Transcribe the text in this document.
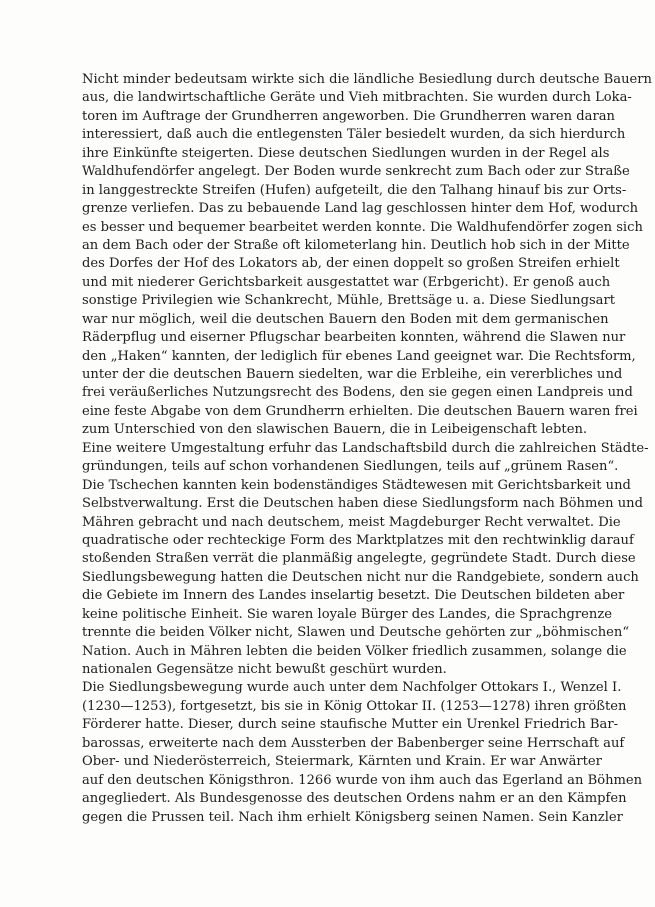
Nicht minder bedeutsam wirkte sich die ländliche Besiedlung durch deutsche Bauern
aus, die landwirtschaftliche Geräte und Vieh mitbrachten. Sie wurden durch Loka-
toren im Auftrage der Grundherren angeworben. Die Grundherren waren daran
interessiert, daß auch die entlegensten Täler besiedelt wurden, da sich hierdurch
ihre Einkünfte steigerten. Diese deutschen Siedlungen wurden in der Regel als
Waldhufendörfer angelegt. Der Boden wurde senkrecht zum Bach oder zur Straße
in langgestreckte Streifen (Hufen) aufgeteilt, die den Talhang hinauf bis zur Orts-
grenze verliefen. Das zu bebauende Land lag geschlossen hinter dem Hof, wodurch
es besser und bequemer bearbeitet werden konnte. Die Waldhufendörfer zogen sich
an dem Bach oder der Straße oft kilometerlang hin. Deutlich hob sich in der Mitte
des Dorfes der Hof des Lokators ab, der einen doppelt so großen Streifen erhielt
und mit niederer Gerichtsbarkeit ausgestattet war (Erbgericht). Er genoß auch
sonstige Privilegien wie Schankrecht, Mühle, Brettsäge u. a. Diese Siedlungsart
war nur möglich, weil die deutschen Bauern den Boden mit dem germanischen
Räderpflug und eiserner Pflugschar bearbeiten konnten, während die Slawen nur
den „Haken“ kannten, der lediglich für ebenes Land geeignet war. Die Rechtsform,
unter der die deutschen Bauern siedelten, war die Erbleihe, ein vererbliches und
frei veräußerliches Nutzungsrecht des Bodens, den sie gegen einen Landpreis und
eine feste Abgabe von dem Grundherrn erhielten. Die deutschen Bauern waren frei
zum Unterschied von den slawischen Bauern, die in Leibeigenschaft lebten.
Eine weitere Umgestaltung erfuhr das Landschaftsbild durch die zahlreichen Städte-
gründungen, teils auf schon vorhandenen Siedlungen, teils auf „grünem Rasen“.
Die Tschechen kannten kein bodenständiges Städtewesen mit Gerichtsbarkeit und
Selbstverwaltung. Erst die Deutschen haben diese Siedlungsform nach Böhmen und
Mähren gebracht und nach deutschem, meist Magdeburger Recht verwaltet. Die
quadratische oder rechteckige Form des Marktplatzes mit den rechtwinklig darauf
stoßenden Straßen verrät die planmäßig angelegte, gegründete Stadt. Durch diese
Siedlungsbewegung hatten die Deutschen nicht nur die Randgebiete, sondern auch
die Gebiete im Innern des Landes inselartig besetzt. Die Deutschen bildeten aber
keine politische Einheit. Sie waren loyale Bürger des Landes, die Sprachgrenze
trennte die beiden Völker nicht, Slawen und Deutsche gehörten zur „böhmischen“
Nation. Auch in Mähren lebten die beiden Völker friedlich zusammen, solange die
nationalen Gegensätze nicht bewußt geschürt wurden.
Die Siedlungsbewegung wurde auch unter dem Nachfolger Ottokars I., Wenzel I.
(1230—1253), fortgesetzt, bis sie in König Ottokar II. (1253—1278) ihren größten
Förderer hatte. Dieser, durch seine staufische Mutter ein Urenkel Friedrich Bar-
barossas, erweiterte nach dem Aussterben der Babenberger seine Herrschaft auf
Ober- und Niederösterreich, Steiermark, Kärnten und Krain. Er war Anwärter
auf den deutschen Königsthron. 1266 wurde von ihm auch das Egerland an Böhmen
angegliedert. Als Bundesgenosse des deutschen Ordens nahm er an den Kämpfen
gegen die Prussen teil. Nach ihm erhielt Königsberg seinen Namen. Sein Kanzler
